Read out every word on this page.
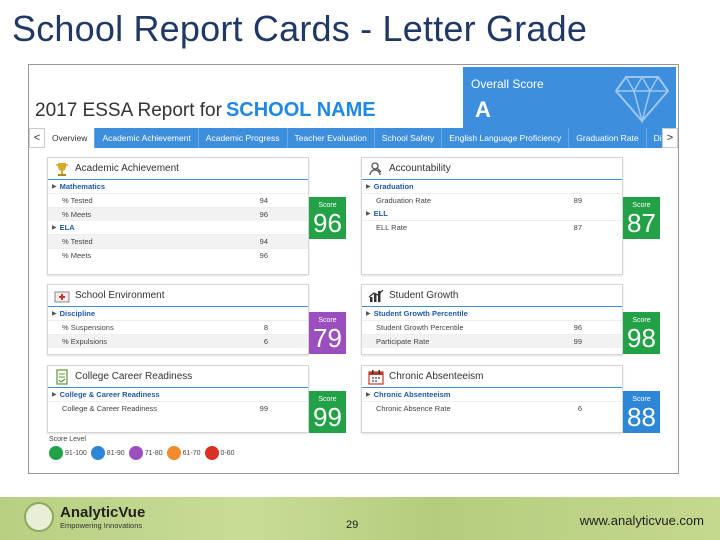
School Report Cards - Letter Grade
2017 ESSA Report for SCHOOL NAME
Overall Score
A
<	Overview	Academic Achievement	Academic Progress	Teacher Evaluation	School Safety	English Language Proficiency	Graduation Rate	Di >
Academic Achievement
▶ Mathematics
% Tested	94
% Meets	96
▶ ELA
% Tested	94
% Meets	96
Score
96
Accountability
▶ Graduation
Graduation Rate	89
▶ ELL
ELL Rate	87
Score
87
School Environment
▶ Discipline
% Suspensions	8
% Expulsions	6
Score
79
Student Growth
▶ Student Growth Percentile
Student Growth Percentile	96
Participate Rate	99
Score
98
College Career Readiness
▶ College & Career Readiness
College & Career Readiness	99
Score
99
Chronic Absenteeism
▶ Chronic Absenteeism
Chronic Absence Rate	6
Score
88
Score Level
91-100	81-90	71-80	61-70	0-60
AnalyticVue
Empowering Innovations	29	www.analyticvue.com
